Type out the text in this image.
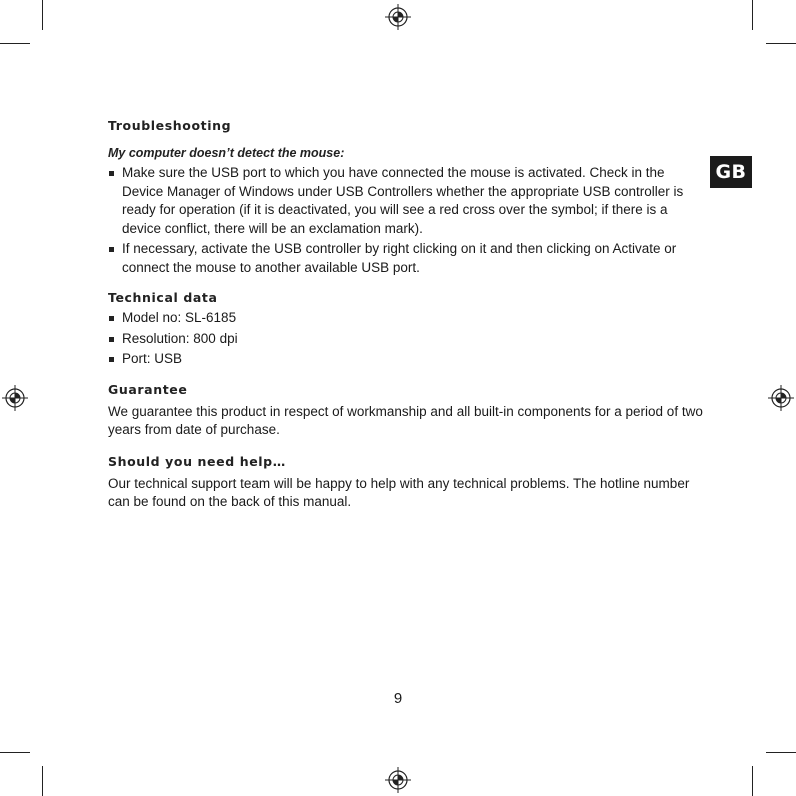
GB
Troubleshooting
My computer doesn’t detect the mouse:
Make sure the USB port to which you have connected the mouse is activated. Check in the Device Manager of Windows under USB Controllers whether the appropriate USB controller is ready for operation (if it is deactivated, you will see a red cross over the symbol; if there is a device conflict, there will be an exclamation mark).
If necessary, activate the USB controller by right clicking on it and then clicking on Activate or connect the mouse to another available USB port.
Technical data
Model no: SL-6185
Resolution: 800 dpi
Port: USB
Guarantee

We guarantee this product in respect of workmanship and all built-in components for a period of two years from date of purchase.

Should you need help…

Our technical support team will be happy to help with any technical problems. The hotline number can be found on the back of this manual.

9
